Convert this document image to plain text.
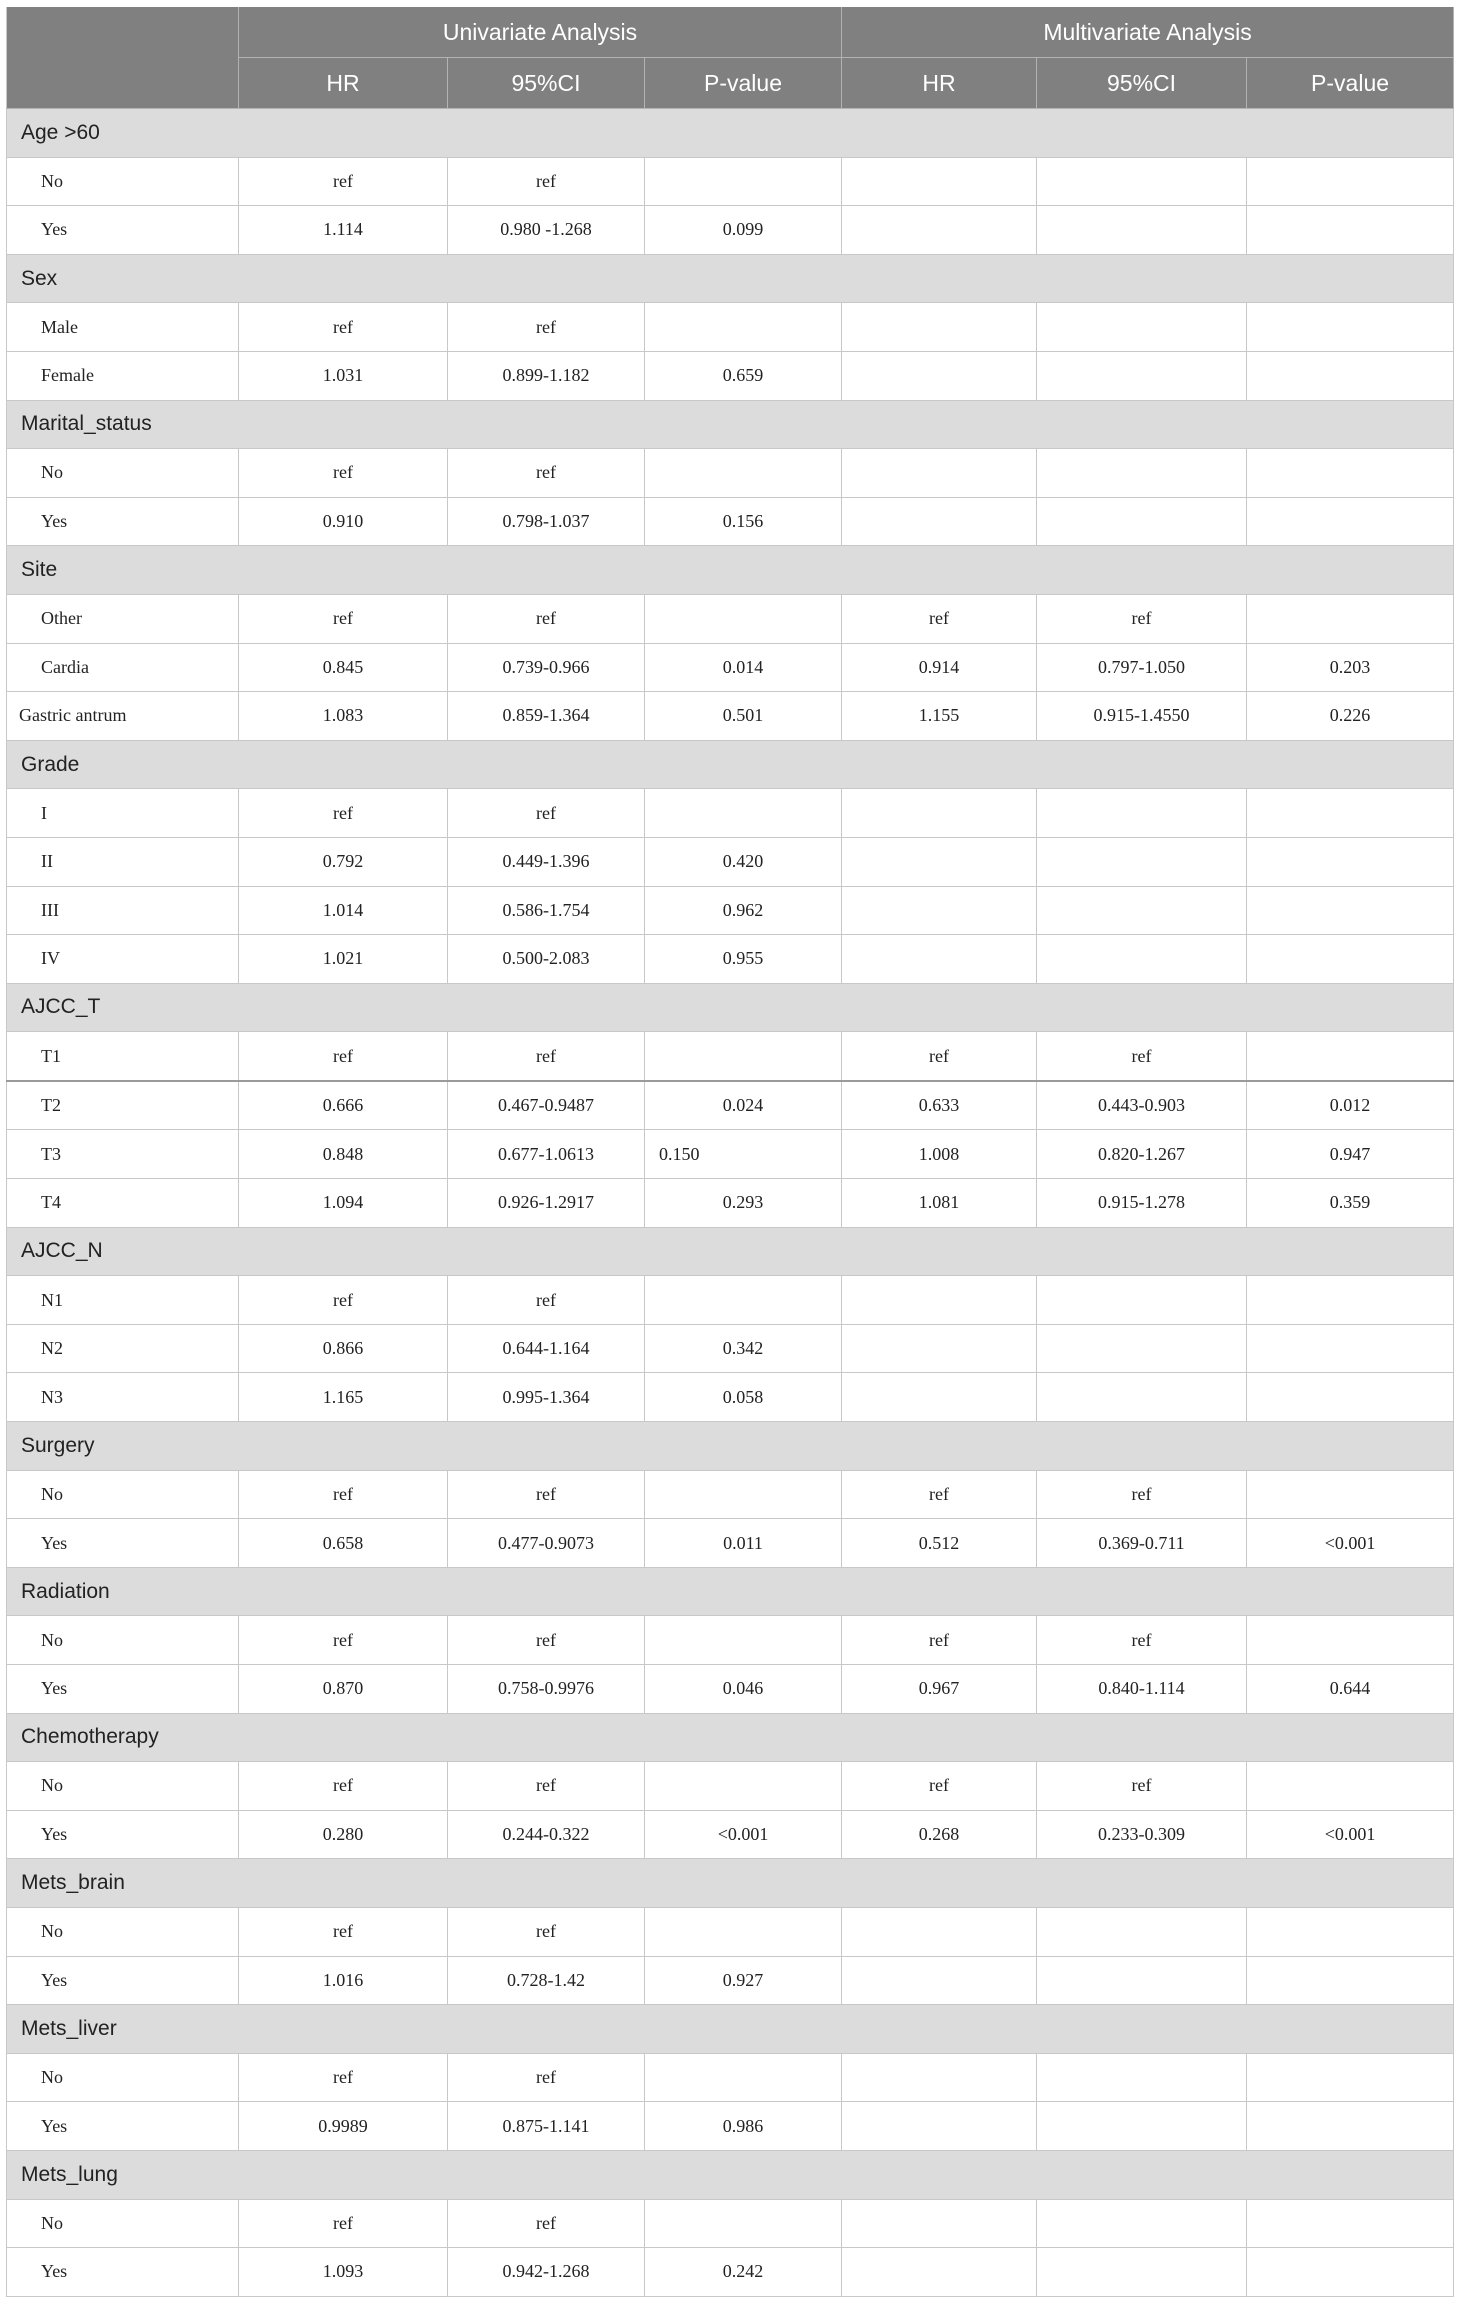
	Univariate Analysis			Multivariate Analysis		
	HR	95%CI	P-value	HR	95%CI	P-value
Age >60						
No	ref	ref				
Yes	1.114	0.980 -1.268	0.099			
Sex						
Male	ref	ref				
Female	1.031	0.899-1.182	0.659			
Marital_status						
No	ref	ref				
Yes	0.910	0.798-1.037	0.156			
Site						
Other	ref	ref		ref	ref	
Cardia	0.845	0.739-0.966	0.014	0.914	0.797-1.050	0.203
Gastric antrum	1.083	0.859-1.364	0.501	1.155	0.915-1.4550	0.226
Grade						
I	ref	ref				
II	0.792	0.449-1.396	0.420			
III	1.014	0.586-1.754	0.962			
IV	1.021	0.500-2.083	0.955			
AJCC_T						
T1	ref	ref		ref	ref	
T2	0.666	0.467-0.9487	0.024	0.633	0.443-0.903	0.012
T3	0.848	0.677-1.0613	0.150	1.008	0.820-1.267	0.947
T4	1.094	0.926-1.2917	0.293	1.081	0.915-1.278	0.359
AJCC_N						
N1	ref	ref				
N2	0.866	0.644-1.164	0.342			
N3	1.165	0.995-1.364	0.058			
Surgery						
No	ref	ref		ref	ref	
Yes	0.658	0.477-0.9073	0.011	0.512	0.369-0.711	<0.001
Radiation						
No	ref	ref		ref	ref	
Yes	0.870	0.758-0.9976	0.046	0.967	0.840-1.114	0.644
Chemotherapy						
No	ref	ref		ref	ref	
Yes	0.280	0.244-0.322	<0.001	0.268	0.233-0.309	<0.001
Mets_brain						
No	ref	ref				
Yes	1.016	0.728-1.42	0.927			
Mets_liver						
No	ref	ref				
Yes	0.9989	0.875-1.141	0.986			
Mets_lung						
No	ref	ref				
Yes	1.093	0.942-1.268	0.242			
